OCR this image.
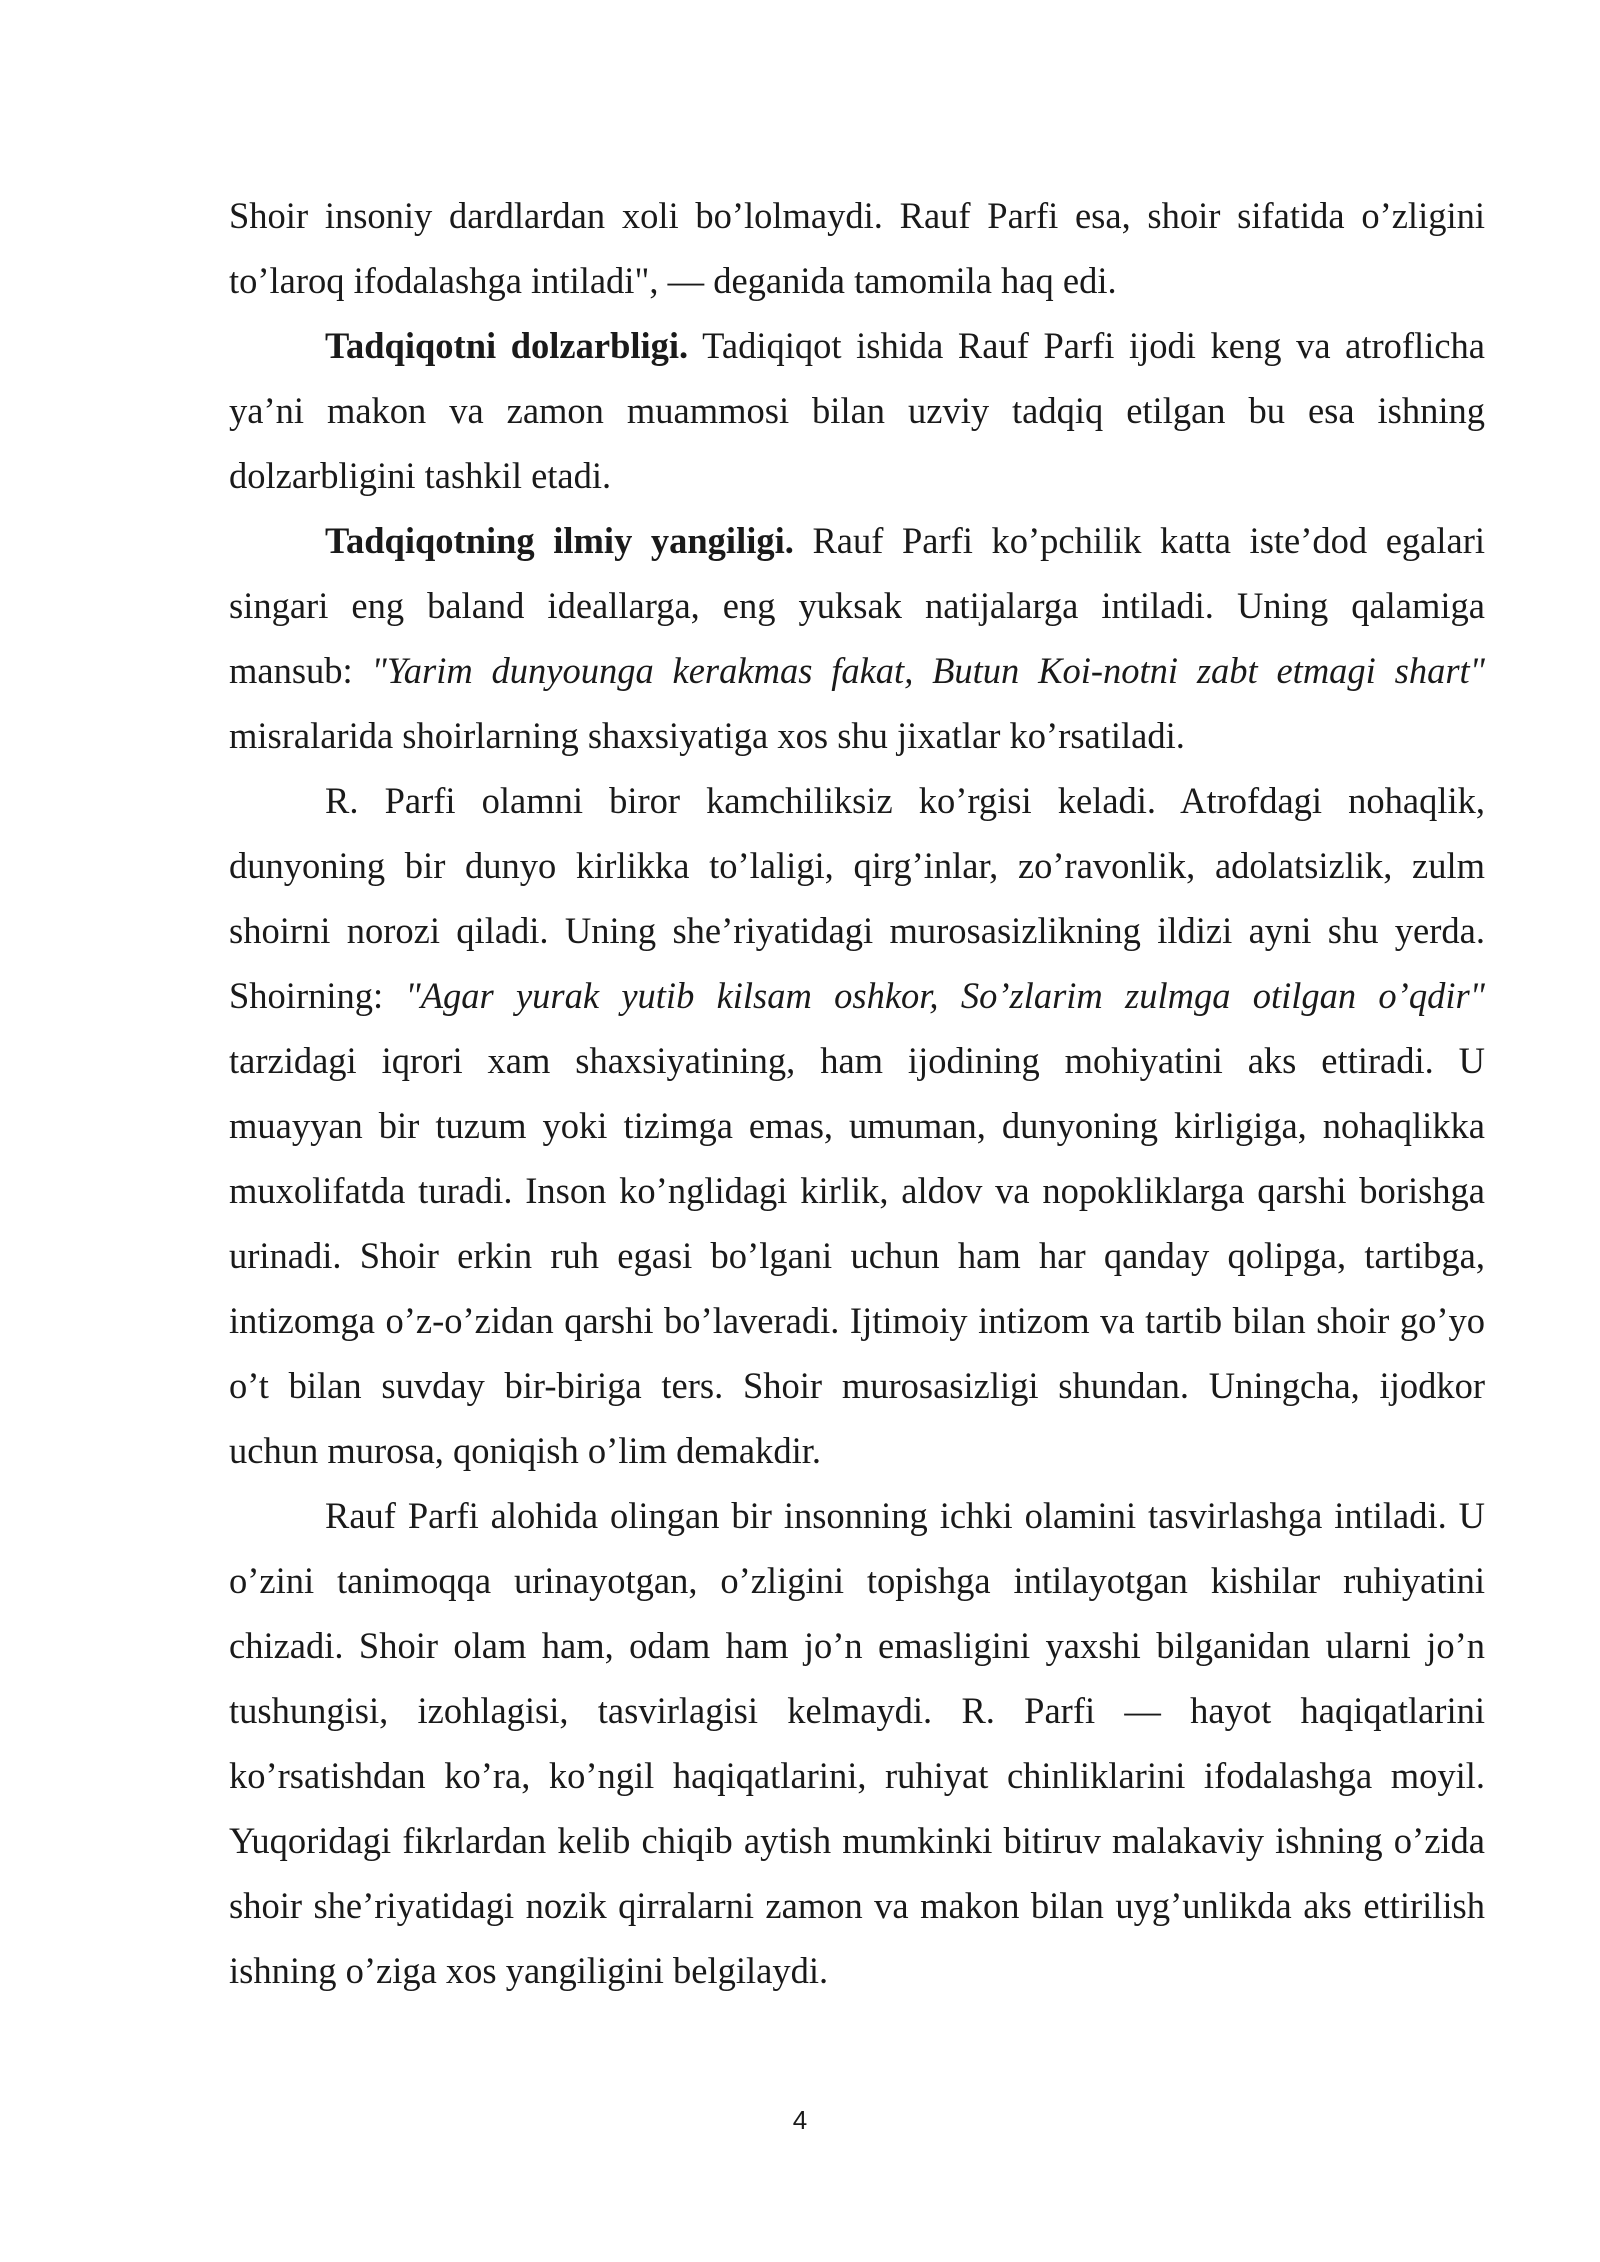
Shoir insoniy dardlardan xoli bo’lolmaydi. Rauf Parfi esa, shoir sifatida o’zligini to’laroq ifodalashga intiladi", — deganida tamomila haq edi.

Tadqiqotni dolzarbligi. Tadiqiqot ishida Rauf Parfi ijodi keng va atroflicha ya’ni makon va zamon muammosi bilan uzviy tadqiq etilgan bu esa ishning dolzarbligini tashkil etadi.

Tadqiqotning ilmiy yangiligi. Rauf Parfi ko’pchilik katta iste’dod egalari singari eng baland ideallarga, eng yuksak natijalarga intiladi. Uning qalamiga mansub: "Yarim dunyounga kerakmas fakat, Butun Koi-notni zabt etmagi shart" misralarida shoirlarning shaxsiyatiga xos shu jixatlar ko’rsatiladi.

R. Parfi olamni biror kamchiliksiz ko’rgisi keladi. Atrofdagi nohaqlik, dunyoning bir dunyo kirlikka to’laligi, qirg’inlar, zo’ravonlik, adolatsizlik, zulm shoirni norozi qiladi. Uning she’riyatidagi murosasizlikning ildizi ayni shu yerda. Shoirning: "Agar yurak yutib kilsam oshkor, So’zlarim zulmga otilgan o’qdir" tarzidagi iqrori xam shaxsiyatining, ham ijodining mohiyatini aks ettiradi. U muayyan bir tuzum yoki tizimga emas, umuman, dunyoning kirligiga, nohaqlikka muxolifatda turadi. Inson ko’nglidagi kirlik, aldov va nopokliklarga qarshi borishga urinadi. Shoir erkin ruh egasi bo’lgani uchun ham har qanday qolipga, tartibga, intizomga o’z-o’zidan qarshi bo’laveradi. Ijtimoiy intizom va tartib bilan shoir go’yo o’t bilan suvday bir-biriga ters. Shoir murosasizligi shundan. Uningcha, ijodkor uchun murosa, qoniqish o’lim demakdir.

Rauf Parfi alohida olingan bir insonning ichki olamini tasvirlashga intiladi. U o’zini tanimoqqa urinayotgan, o’zligini topishga intilayotgan kishilar ruhiyatini chizadi. Shoir olam ham, odam ham jo’n emasligini yaxshi bilganidan ularni jo’n tushungisi, izohlagisi, tasvirlagisi kelmaydi. R. Parfi — hayot haqiqatlarini ko’rsatishdan ko’ra, ko’ngil haqiqatlarini, ruhiyat chinliklarini ifodalashga moyil. Yuqoridagi fikrlardan kelib chiqib aytish mumkinki bitiruv malakaviy ishning o’zida shoir she’riyatidagi nozik qirralarni zamon va makon bilan uyg’unlikda aks ettirilish ishning o’ziga xos yangiligini belgilaydi.

4
